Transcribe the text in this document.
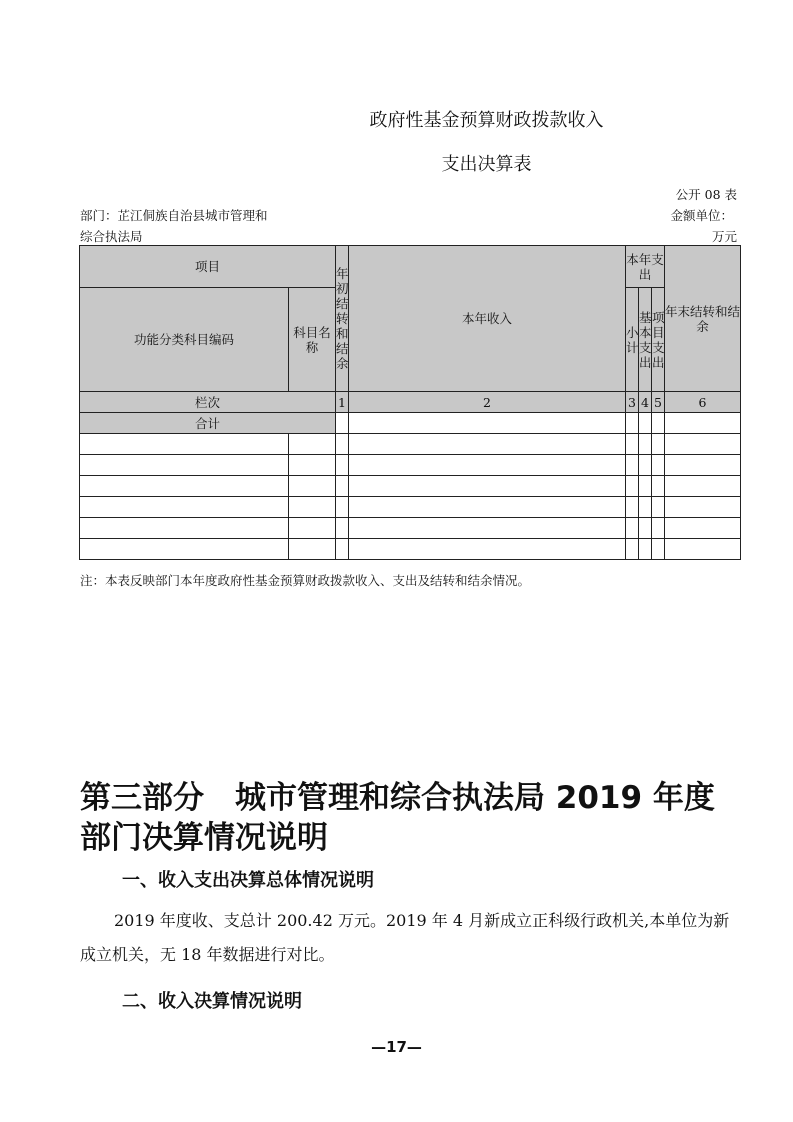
政府性基金预算财政拨款收入
支出决算表
公开 08 表
部门：芷江侗族自治县城市管理和
综合执法局
金额单位：
万元
项目		年初结转和结余	本年收入	本年支出			年末结转和结余
功能分类科目编码	科目名称			小计	基本支出	项目支出	
栏次		1	2	3	4	5	6
合计							

注：本表反映部门本年度政府性基金预算财政拨款收入、支出及结转和结余情况。
第三部分　城市管理和综合执法局 2019 年度部门决算情况说明
一、收入支出决算总体情况说明
2019 年度收、支总计 200.42 万元。2019 年 4 月新成立正科级行政机关,本单位为新成立机关，无 18 年数据进行对比。
二、收入决算情况说明
—17—
